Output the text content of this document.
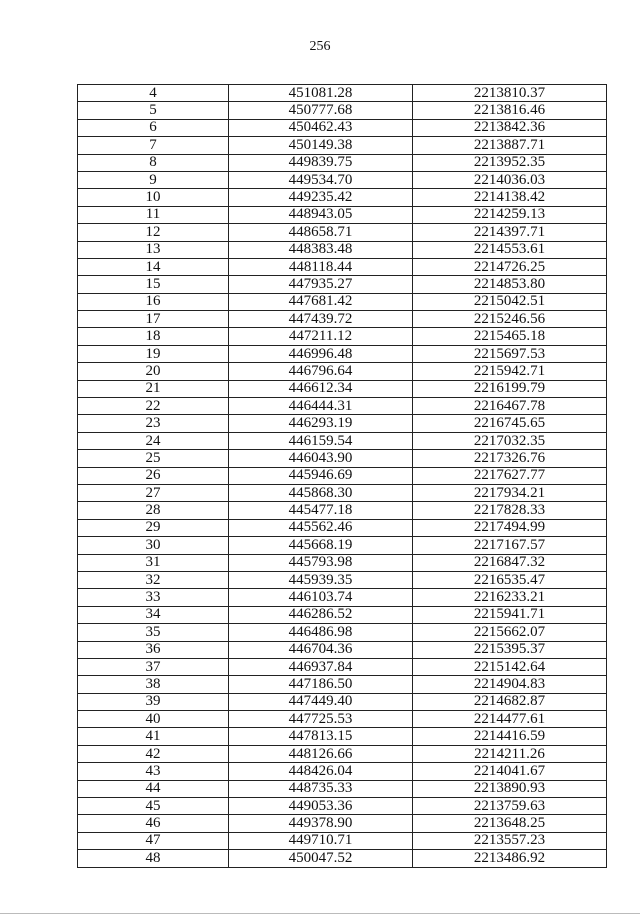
256
4	451081.28	2213810.37
5	450777.68	2213816.46
6	450462.43	2213842.36
7	450149.38	2213887.71
8	449839.75	2213952.35
9	449534.70	2214036.03
10	449235.42	2214138.42
11	448943.05	2214259.13
12	448658.71	2214397.71
13	448383.48	2214553.61
14	448118.44	2214726.25
15	447935.27	2214853.80
16	447681.42	2215042.51
17	447439.72	2215246.56
18	447211.12	2215465.18
19	446996.48	2215697.53
20	446796.64	2215942.71
21	446612.34	2216199.79
22	446444.31	2216467.78
23	446293.19	2216745.65
24	446159.54	2217032.35
25	446043.90	2217326.76
26	445946.69	2217627.77
27	445868.30	2217934.21
28	445477.18	2217828.33
29	445562.46	2217494.99
30	445668.19	2217167.57
31	445793.98	2216847.32
32	445939.35	2216535.47
33	446103.74	2216233.21
34	446286.52	2215941.71
35	446486.98	2215662.07
36	446704.36	2215395.37
37	446937.84	2215142.64
38	447186.50	2214904.83
39	447449.40	2214682.87
40	447725.53	2214477.61
41	447813.15	2214416.59
42	448126.66	2214211.26
43	448426.04	2214041.67
44	448735.33	2213890.93
45	449053.36	2213759.63
46	449378.90	2213648.25
47	449710.71	2213557.23
48	450047.52	2213486.92
